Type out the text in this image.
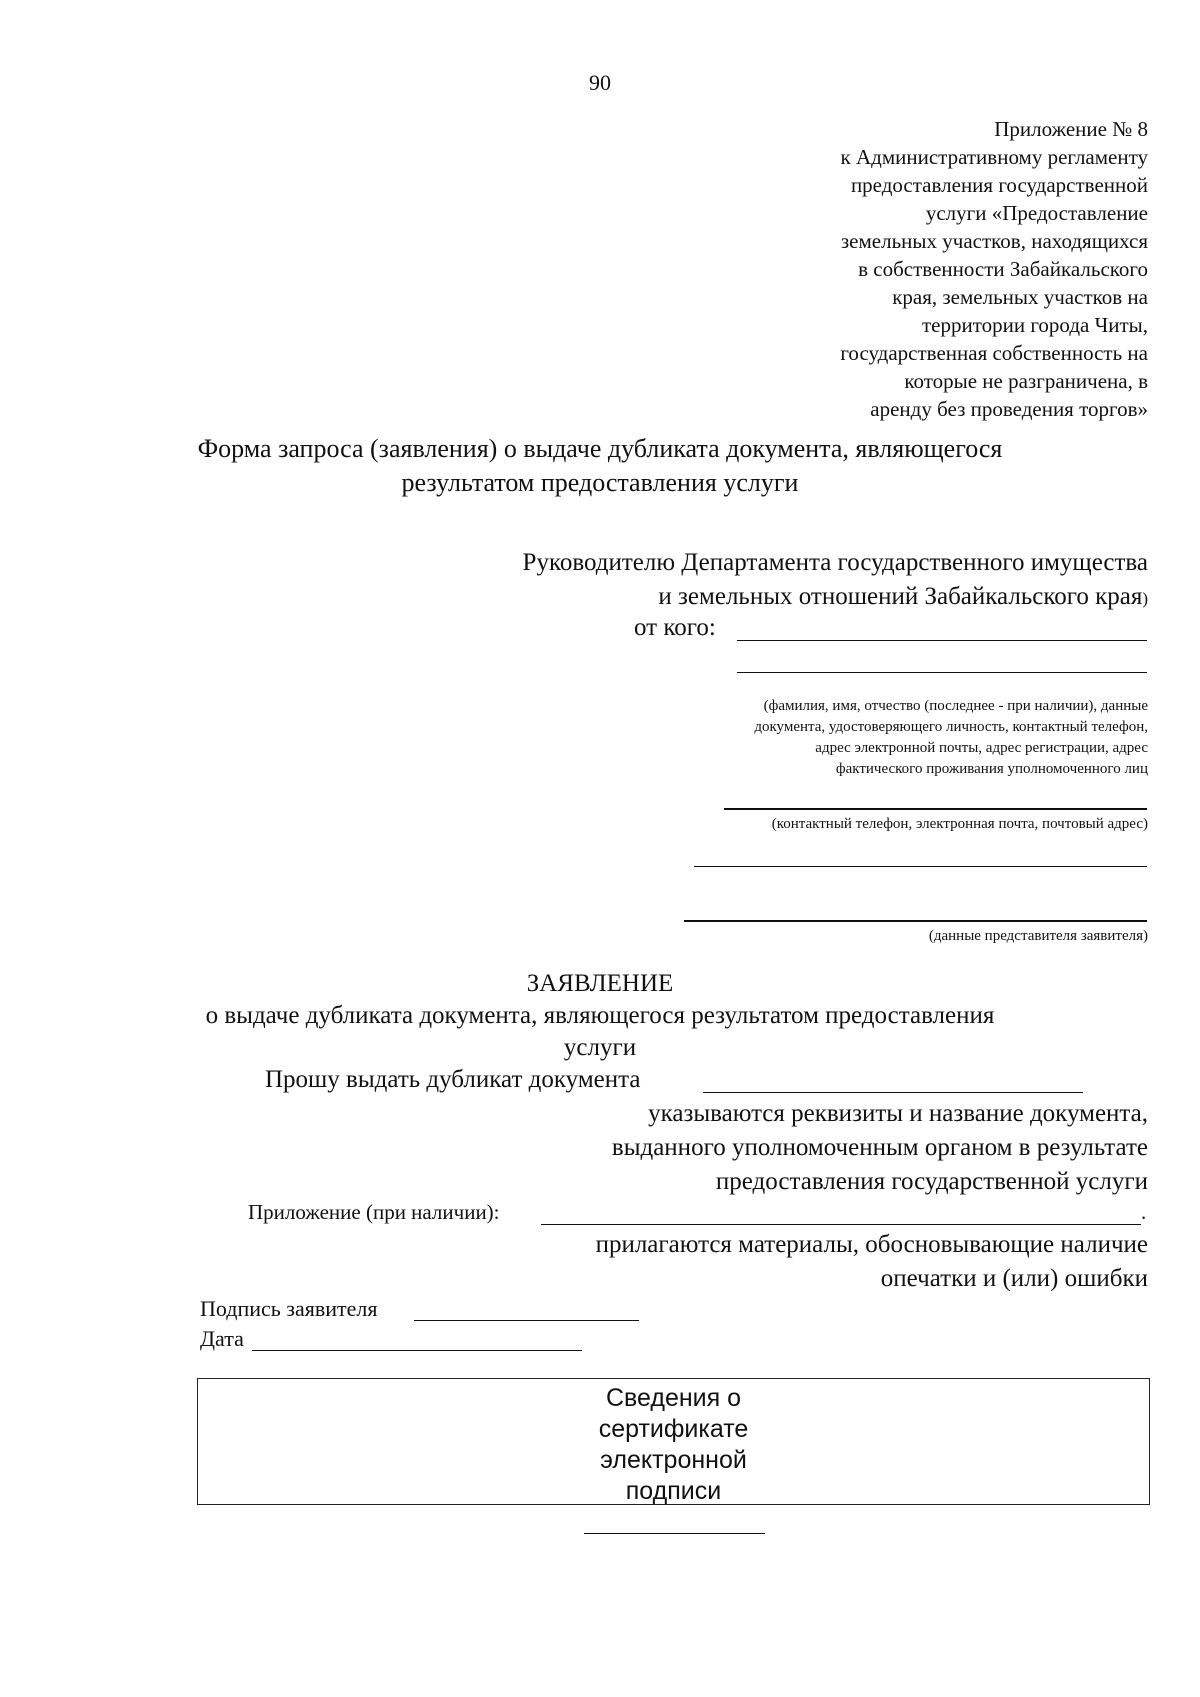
90
Приложение № 8
к Административному регламенту
предоставления государственной
услуги «Предоставление
земельных участков, находящихся
в собственности Забайкальского
края, земельных участков на
территории города Читы,
государственная собственность на
которые не разграничена, в
аренду без проведения торгов»
Форма запроса (заявления) о выдаче дубликата документа, являющегося
результатом предоставления услуги
Руководителю Департамента государственного имущества
и земельных отношений Забайкальского края)
от кого:
(фамилия, имя, отчество (последнее - при наличии), данные
документа, удостоверяющего личность, контактный телефон,
адрес электронной почты, адрес регистрации, адрес
фактического проживания уполномоченного лиц
(контактный телефон, электронная почта, почтовый адрес)
(данные представителя заявителя)
ЗАЯВЛЕНИЕ
о выдаче дубликата документа, являющегося результатом предоставления
услуги
Прошу выдать дубликат документа
указываются реквизиты и название документа,
выданного уполномоченным органом в результате
предоставления государственной услуги
Приложение (при наличии):	.
прилагаются материалы, обосновывающие наличие
опечатки и (или) ошибки
Подпись заявителя
Дата
Сведения о
сертификате
электронной
подписи
